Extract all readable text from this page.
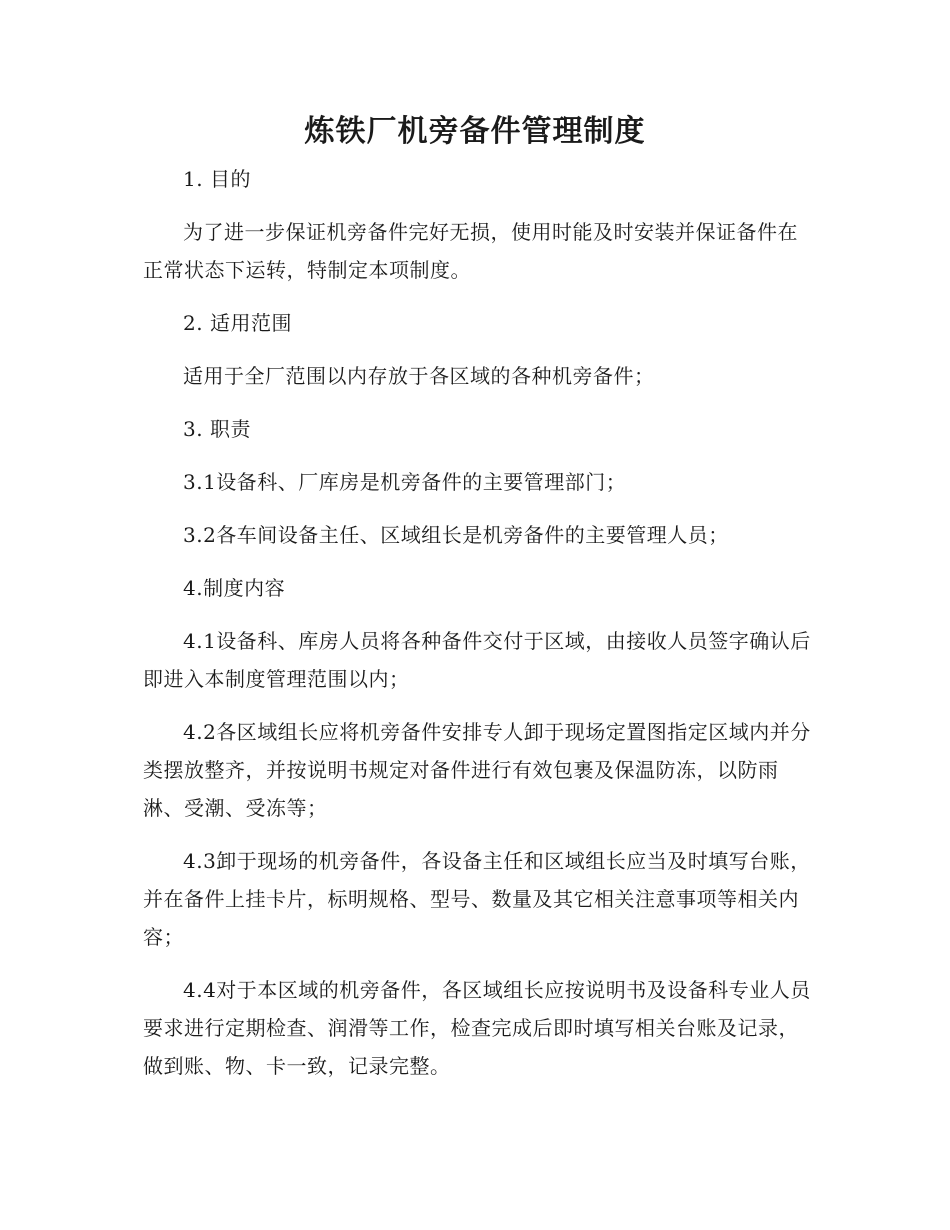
炼铁厂机旁备件管理制度

1. 目的

为了进一步保证机旁备件完好无损，使用时能及时安装并保证备件在正常状态下运转，特制定本项制度。

2. 适用范围

适用于全厂范围以内存放于各区域的各种机旁备件；

3. 职责

3.1设备科、厂库房是机旁备件的主要管理部门；

3.2各车间设备主任、区域组长是机旁备件的主要管理人员；

4.制度内容

4.1设备科、库房人员将各种备件交付于区域，由接收人员签字确认后即进入本制度管理范围以内；

4.2各区域组长应将机旁备件安排专人卸于现场定置图指定区域内并分类摆放整齐，并按说明书规定对备件进行有效包裹及保温防冻，以防雨淋、受潮、受冻等；

4.3卸于现场的机旁备件，各设备主任和区域组长应当及时填写台账，并在备件上挂卡片，标明规格、型号、数量及其它相关注意事项等相关内容；

4.4对于本区域的机旁备件，各区域组长应按说明书及设备科专业人员要求进行定期检查、润滑等工作，检查完成后即时填写相关台账及记录，做到账、物、卡一致，记录完整。
